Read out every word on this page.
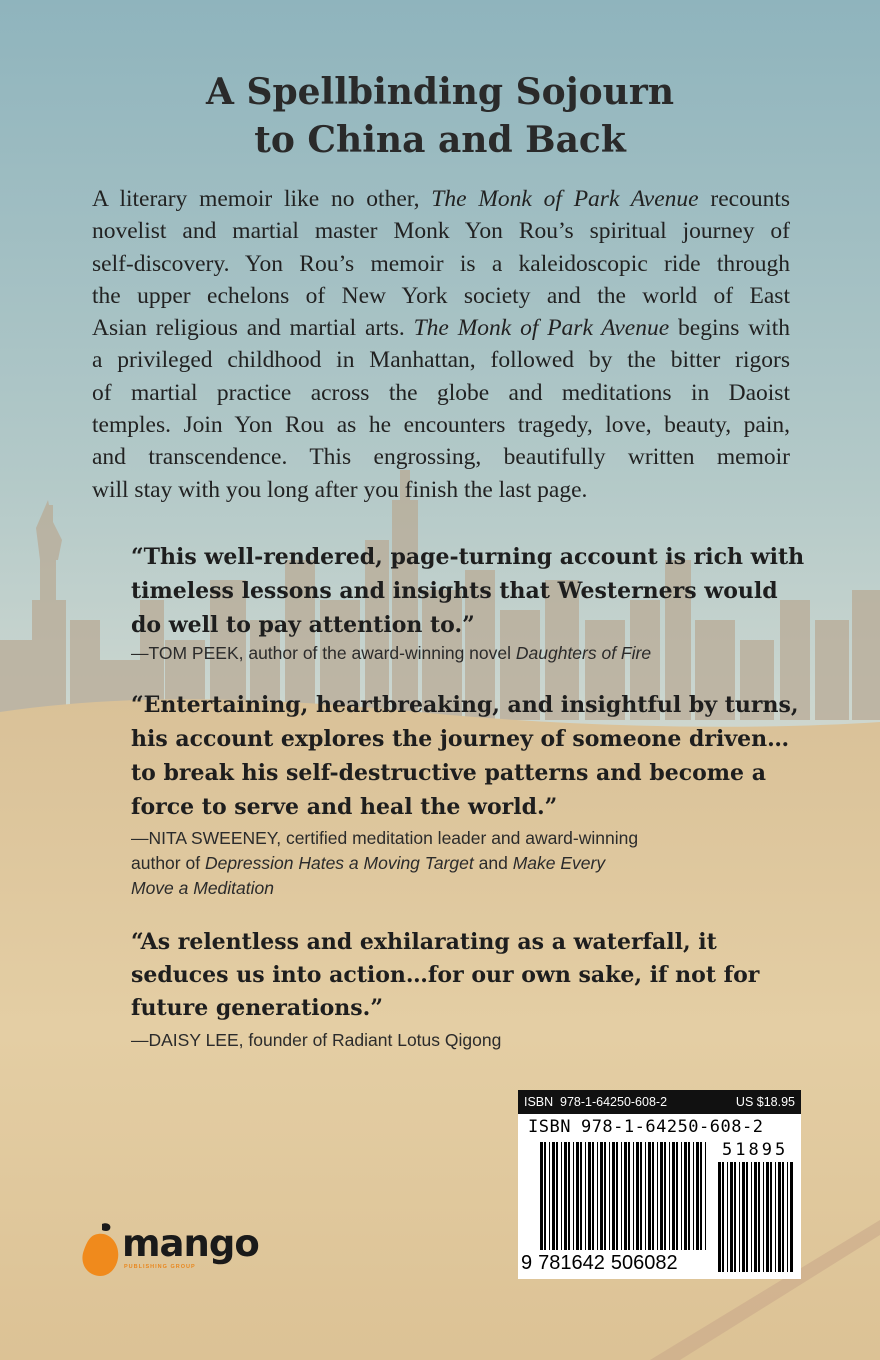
A Spellbinding Sojourn
to China and Back
A literary memoir like no other, The Monk of Park Avenue recounts
novelist and martial master Monk Yon Rou’s spiritual journey of
self-discovery. Yon Rou’s memoir is a kaleidoscopic ride through
the upper echelons of New York society and the world of East
Asian religious and martial arts. The Monk of Park Avenue begins with
a privileged childhood in Manhattan, followed by the bitter rigors
of martial practice across the globe and meditations in Daoist
temples. Join Yon Rou as he encounters tragedy, love, beauty, pain,
and transcendence. This engrossing, beautifully written memoir
will stay with you long after you finish the last page.
“This well-rendered, page-turning account is rich with
timeless lessons and insights that Westerners would
do well to pay attention to.”
—TOM PEEK, author of the award-winning novel Daughters of Fire
“Entertaining, heartbreaking, and insightful by turns,
his account explores the journey of someone driven…
to break his self-destructive patterns and become a
force to serve and heal the world.”
—NITA SWEENEY, certified meditation leader and award-winning
author of Depression Hates a Moving Target and Make Every
Move a Meditation
“As relentless and exhilarating as a waterfall, it
seduces us into action…for our own sake, if not for
future generations.”
—DAISY LEE, founder of Radiant Lotus Qigong
ISBN 978-1-64250-608-2	US $18.95
ISBN 978-1-64250-608-2
51895
9 781642 506082
mango
PUBLISHING GROUP
